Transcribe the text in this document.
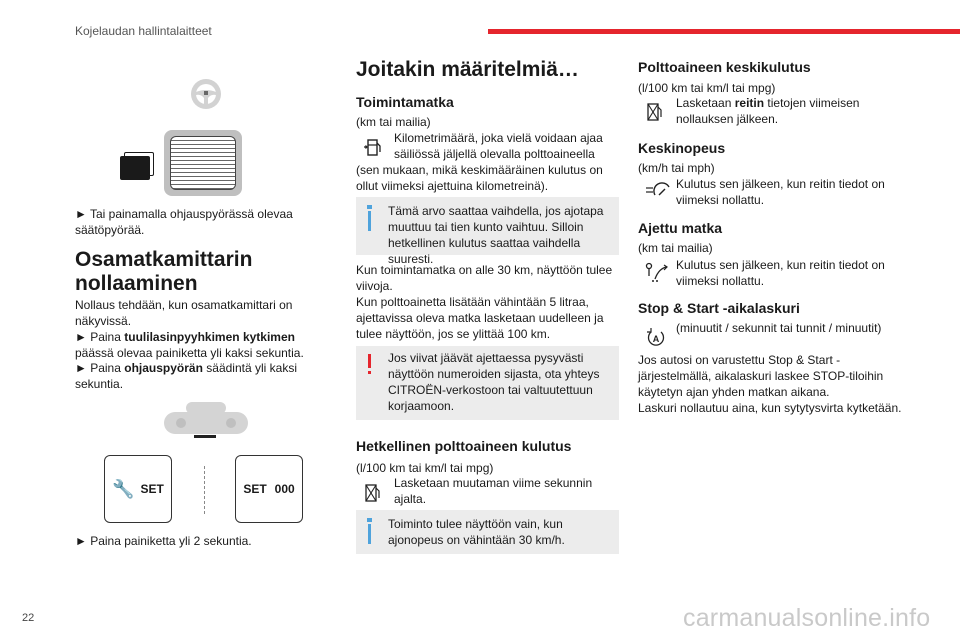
Kojelaudan hallintalaitteet

► Tai painamalla ohjauspyörässä olevaa säätöpyörää.

Osamatkamittarin nollaaminen

Nollaus tehdään, kun osamatkamittari on näkyvissä.

► Paina tuulilasinpyyhkimen kytkimen päässä olevaa painiketta yli kaksi sekuntia.

► Paina ohjauspyörän säädintä yli kaksi sekuntia.

🔧 SET	SET 000

► Paina painiketta yli 2 sekuntia.

Joitakin määritelmiä…
Toimintamatka

(km tai mailia)

Kilometrimäärä, joka vielä voidaan ajaa säiliössä jäljellä olevalla polttoaineella

(sen mukaan, mikä keskimääräinen kulutus on ollut viimeksi ajettuina kilometreinä).

Tämä arvo saattaa vaihdella, jos ajotapa muuttuu tai tien kunto vaihtuu. Silloin hetkellinen kulutus saattaa vaihdella suuresti.

Kun toimintamatka on alle 30 km, näyttöön tulee viivoja.
Kun polttoainetta lisätään vähintään 5 litraa, ajettavissa oleva matka lasketaan uudelleen ja tulee näyttöön, jos se ylittää 100 km.

Jos viivat jäävät ajettaessa pysyvästi näyttöön numeroiden sijasta, ota yhteys CITROËN-verkostoon tai valtuutettuun korjaamoon.

Hetkellinen polttoaineen kulutus

(l/100 km tai km/l tai mpg)

Lasketaan muutaman viime sekunnin ajalta.

Toiminto tulee näyttöön vain, kun ajonopeus on vähintään 30 km/h.

Polttoaineen keskikulutus

(l/100 km tai km/l tai mpg)

Lasketaan reitin tietojen viimeisen nollauksen jälkeen.

Keskinopeus

(km/h tai mph)

Kulutus sen jälkeen, kun reitin tiedot on viimeksi nollattu.

Ajettu matka

(km tai mailia)

Kulutus sen jälkeen, kun reitin tiedot on viimeksi nollattu.

Stop & Start -aikalaskuri
A

(minuutit / sekunnit tai tunnit / minuutit)

Jos autosi on varustettu Stop & Start -järjestelmällä, aikalaskuri laskee STOP-tiloihin käytetyn ajan yhden matkan aikana.
Laskuri nollautuu aina, kun sytytysvirta kytketään.

22	carmanualsonline.info
